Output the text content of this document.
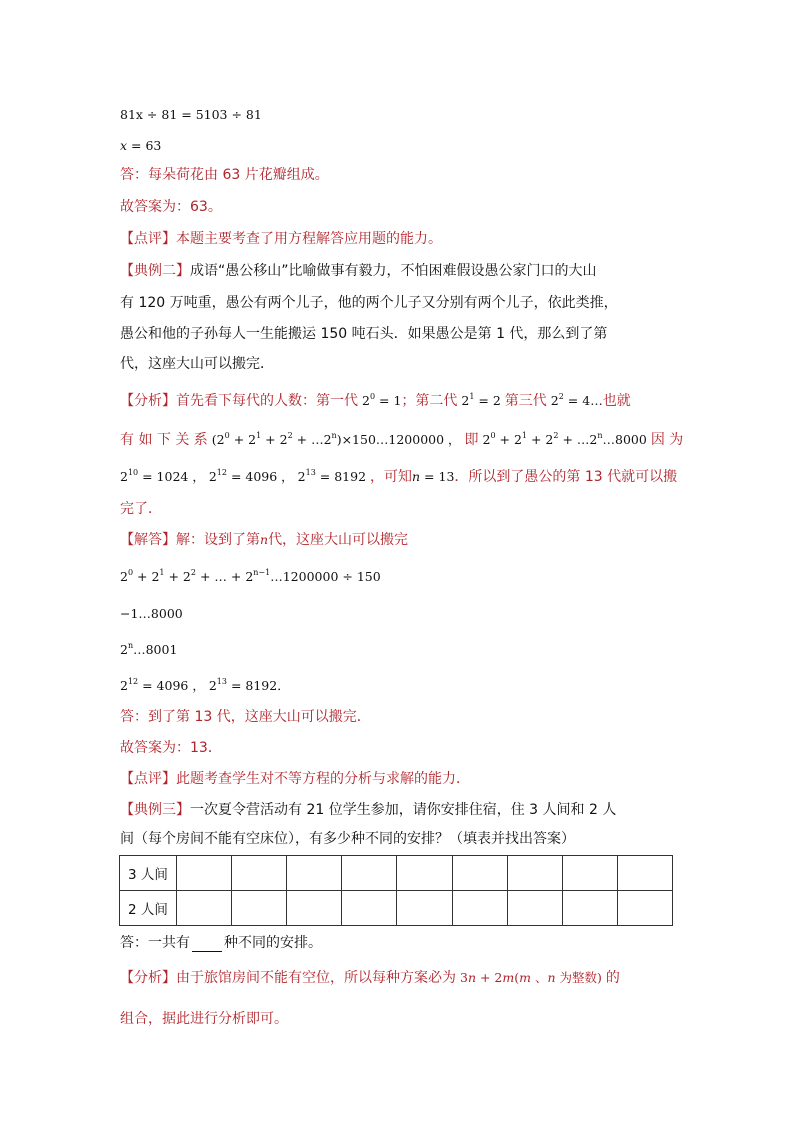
81x ÷ 81 = 5103 ÷ 81
x = 63
答：每朵荷花由 63 片花瓣组成。
故答案为：63。
【点评】本题主要考查了用方程解答应用题的能力。
【典例二】成语“愚公移山”比喻做事有毅力，不怕困难假设愚公家门口的大山
有 120 万吨重，愚公有两个儿子，他的两个儿子又分别有两个儿子，依此类推，
愚公和他的子孙每人一生能搬运 150 吨石头．如果愚公是第 1 代，那么到了第
代，这座大山可以搬完．
【分析】首先看下每代的人数：第一代 $2^0 = 1$；第二代 $2^1 = 2$ 第三代 $2^2$ = 4…也就
有 如 下 关 系 ($2^0 + 2^1 + 2^2$ + $\dots 2^n)\times 150\dots 1200000$ ， 即 $2^0 + 2^1 + 2^2$ + $\dots 2^n\dots 8000$ 因 为
$2^{10} = 1024$ ， $2^{12} = 4096$ ， $2^{13} = 8192$ ，可知n = 13．所以到了愚公的第 13 代就可以搬
完了．
【解答】解：设到了第n代，这座大山可以搬完
$2^0 + 2^1 + 2^2$ + … + $2^{n-1}\dots 1200000 \div 150$
−1…8000
2$^n$…8001
$2^{12} = 4096$ ， $2^{13} = 8192$．
答：到了第 13 代，这座大山可以搬完．
故答案为：13．
【点评】此题考查学生对不等方程的分析与求解的能力．
【典例三】一次夏令营活动有 21 位学生参加，请你安排住宿，住 3 人间和 2 人
间（每个房间不能有空床位），有多少种不同的安排？（填表并找出答案）
3 人间									
2 人间									
答：一共有 种不同的安排。
【分析】由于旅馆房间不能有空位，所以每种方案必为 3n + 2m(m 、n 为整数) 的
组合，据此进行分析即可。
